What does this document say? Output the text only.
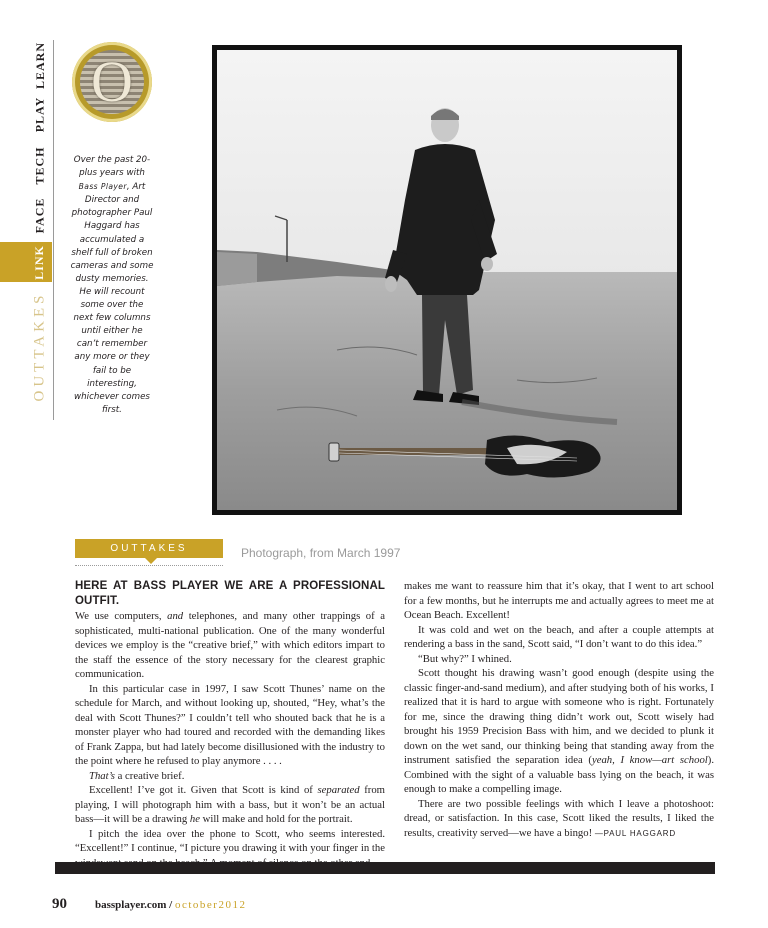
LEARN
PLAY
TECH
FACE
LINK
OUTTAKES
O
Over the past 20-plus years with Bass Player, Art Director and photographer Paul Haggard has accumulated a shelf full of broken cameras and some dusty memories. He will recount some over the next few columns until either he can’t remember any more or they fail to be interesting, whichever comes first.
OUTTAKES	Photograph, from March 1997

HERE AT BASS PLAYER WE ARE A PROFESSIONAL OUTFIT.
We use computers, and telephones, and many other trappings of a sophisticated, multi-national publication. One of the many wonderful devices we employ is the “creative brief,” with which editors impart to the staff the essence of the story necessary for the clearest graphic communication.

In this particular case in 1997, I saw Scott Thunes’ name on the schedule for March, and without looking up, shouted, “Hey, what’s the deal with Scott Thunes?” I couldn’t tell who shouted back that he is a monster player who had toured and recorded with the demanding likes of Frank Zappa, but had lately become disillusioned with the industry to the point where he refused to play anymore . . . .

That’s a creative brief.

Excellent! I’ve got it. Given that Scott is kind of separated from playing, I will photograph him with a bass, but it won’t be an actual bass—it will be a drawing he will make and hold for the portrait.

I pitch the idea over the phone to Scott, who seems interested. “Excellent!” I continue, “I picture you drawing it with your finger in the

makes me want to reassure him that it’s okay, that I went to art school for a few months, but he interrupts me and actually agrees to meet me at Ocean Beach. Excellent!

It was cold and wet on the beach, and after a couple attempts at rendering a bass in the sand, Scott said, “I don’t want to do this idea.”

“But why?” I whined.

Scott thought his drawing wasn’t good enough (despite using the classic finger-and-sand medium), and after studying both of his works, I realized that it is hard to argue with someone who is right. Fortunately for me, since the drawing thing didn’t work out, Scott wisely had brought his 1959 Precision Bass with him, and we decided to plunk it down on the wet sand, our thinking being that standing away from the instrument satisfied the separation idea (yeah, I know—art school). Combined with the sight of a valuable bass lying on the beach, it was enough to make a compelling image.

There are two possible feelings with which I leave a photoshoot: dread, or satisfaction. In this case, Scott liked the results, I liked the results, creativity served—we have a bingo! —PAUL HAGGARD

90	bassplayer.com / october2012
